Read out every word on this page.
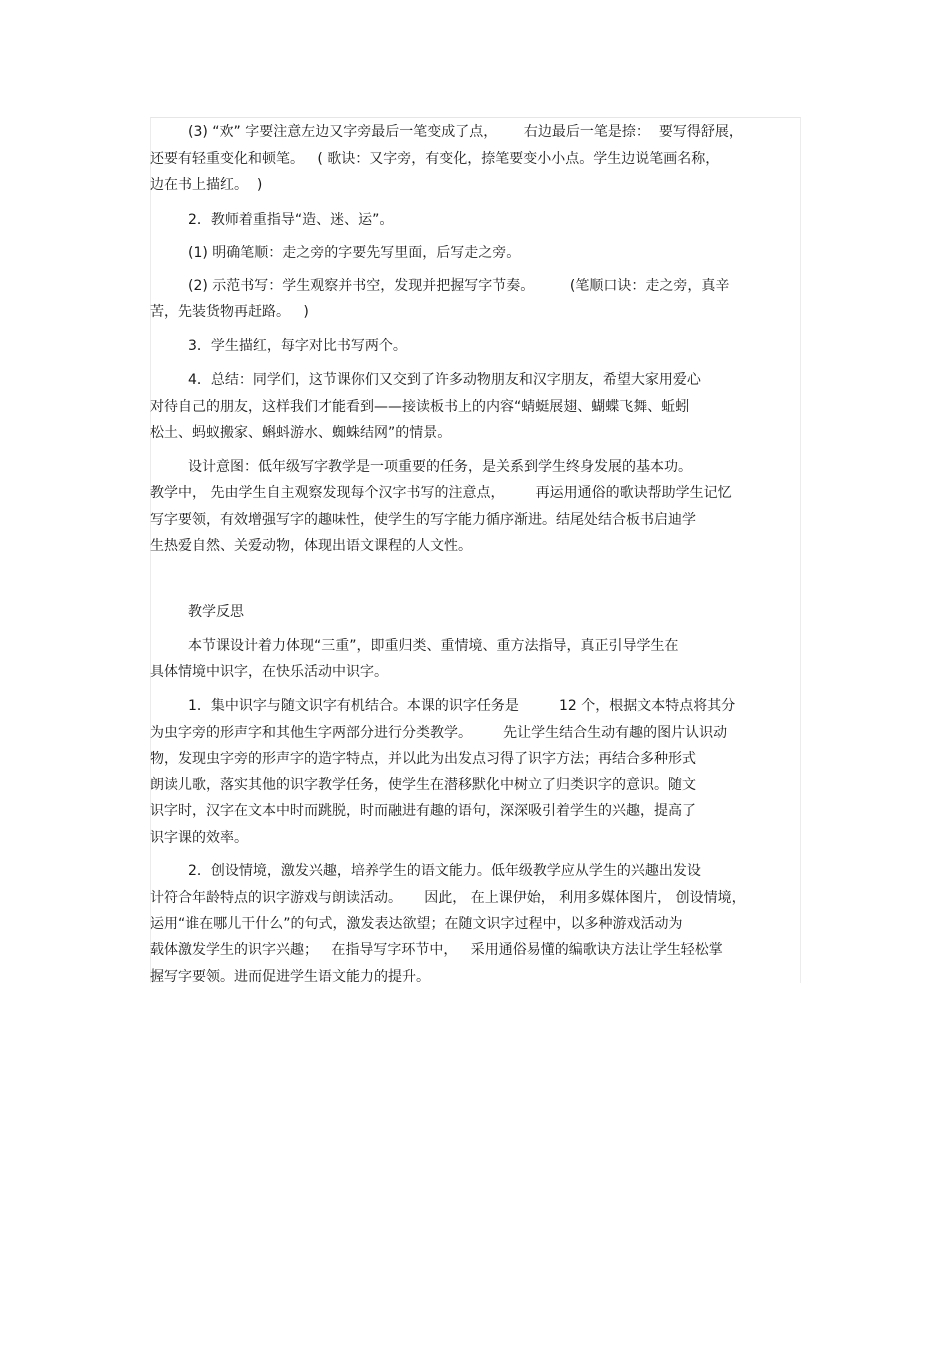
(3) “欢” 字要注意左边又字旁最后一笔变成了点，      右边最后一笔是捺：  要写得舒展，
还要有轻重变化和顿笔。   ( 歌诀：又字旁，有变化，捺笔要变小小点。学生边说笔画名称，
边在书上描红。  )
2．教师着重指导“造、迷、运”。
(1) 明确笔顺：走之旁的字要先写里面，后写走之旁。
(2) 示范书写：学生观察并书空，发现并把握写字节奏。        (笔顺口诀：走之旁，真辛
苦，先装货物再赶路。   )
3．学生描红，每字对比书写两个。
4．总结：同学们，这节课你们又交到了许多动物朋友和汉字朋友，希望大家用爱心
对待自己的朋友，这样我们才能看到——接读板书上的内容“蜻蜓展翅、蝴蝶飞舞、蚯蚓
松土、蚂蚁搬家、蝌蚪游水、蜘蛛结网”的情景。
设计意图：低年级写字教学是一项重要的任务，是关系到学生终身发展的基本功。
教学中， 先由学生自主观察发现每个汉字书写的注意点，       再运用通俗的歌诀帮助学生记忆
写字要领，有效增强写字的趣味性，使学生的写字能力循序渐进。结尾处结合板书启迪学
生热爱自然、关爱动物，体现出语文课程的人文性。
教学反思
本节课设计着力体现“三重”，即重归类、重情境、重方法指导，真正引导学生在
具体情境中识字，在快乐活动中识字。
1．集中识字与随文识字有机结合。本课的识字任务是         12 个，根据文本特点将其分
为虫字旁的形声字和其他生字两部分进行分类教学。       先让学生结合生动有趣的图片认识动
物，发现虫字旁的形声字的造字特点，并以此为出发点习得了识字方法；再结合多种形式
朗读儿歌，落实其他的识字教学任务，使学生在潜移默化中树立了归类识字的意识。随文
识字时，汉字在文本中时而跳脱，时而融进有趣的语句，深深吸引着学生的兴趣，提高了
识字课的效率。
2．创设情境，激发兴趣，培养学生的语文能力。低年级教学应从学生的兴趣出发设
计符合年龄特点的识字游戏与朗读活动。     因此， 在上课伊始， 利用多媒体图片， 创设情境，
运用“谁在哪儿干什么”的句式，激发表达欲望；在随文识字过程中，以多种游戏活动为
载体激发学生的识字兴趣；   在指导写字环节中，   采用通俗易懂的编歌诀方法让学生轻松掌
握写字要领。进而促进学生语文能力的提升。
